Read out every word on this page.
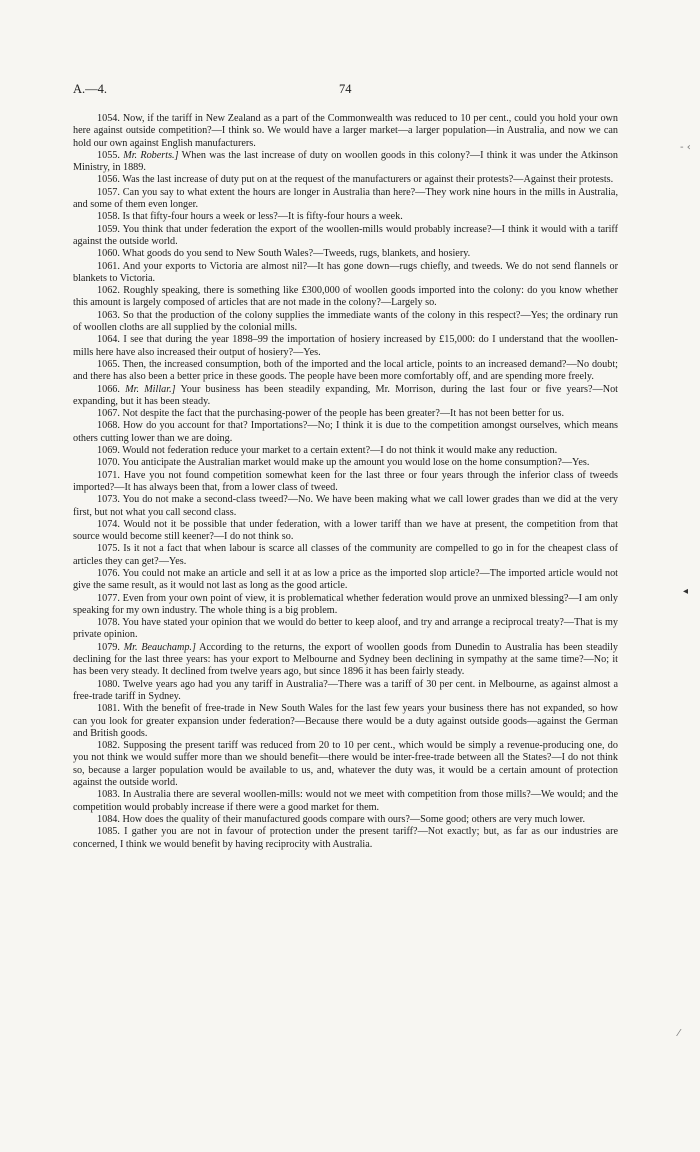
A.—4.	74

1054. Now, if the tariff in New Zealand as a part of the Commonwealth was reduced to 10 per cent., could you hold your own here against outside competition?—I think so. We would have a larger market—a larger population—in Australia, and now we can hold our own against English manufacturers.

1055. Mr. Roberts.] When was the last increase of duty on woollen goods in this colony?—I think it was under the Atkinson Ministry, in 1889.

1056. Was the last increase of duty put on at the request of the manufacturers or against their protests?—Against their protests.

1057. Can you say to what extent the hours are longer in Australia than here?—They work nine hours in the mills in Australia, and some of them even longer.

1058. Is that fifty-four hours a week or less?—It is fifty-four hours a week.

1059. You think that under federation the export of the woollen-mills would probably increase?—I think it would with a tariff against the outside world.

1060. What goods do you send to New South Wales?—Tweeds, rugs, blankets, and hosiery.

1061. And your exports to Victoria are almost nil?—It has gone down—rugs chiefly, and tweeds. We do not send flannels or blankets to Victoria.

1062. Roughly speaking, there is something like £300,000 of woollen goods imported into the colony: do you know whether this amount is largely composed of articles that are not made in the colony?—Largely so.

1063. So that the production of the colony supplies the immediate wants of the colony in this respect?—Yes; the ordinary run of woollen cloths are all supplied by the colonial mills.

1064. I see that during the year 1898–99 the importation of hosiery increased by £15,000: do I understand that the woollen-mills here have also increased their output of hosiery?—Yes.

1065. Then, the increased consumption, both of the imported and the local article, points to an increased demand?—No doubt; and there has also been a better price in these goods. The people have been more comfortably off, and are spending more freely.

1066. Mr. Millar.] Your business has been steadily expanding, Mr. Morrison, during the last four or five years?—Not expanding, but it has been steady.

1067. Not despite the fact that the purchasing-power of the people has been greater?—It has not been better for us.

1068. How do you account for that? Importations?—No; I think it is due to the competition amongst ourselves, which means others cutting lower than we are doing.

1069. Would not federation reduce your market to a certain extent?—I do not think it would make any reduction.

1070. You anticipate the Australian market would make up the amount you would lose on the home consumption?—Yes.

1071. Have you not found competition somewhat keen for the last three or four years through the inferior class of tweeds imported?—It has always been that, from a lower class of tweed.

1073. You do not make a second-class tweed?—No. We have been making what we call lower grades than we did at the very first, but not what you call second class.

1074. Would not it be possible that under federation, with a lower tariff than we have at present, the competition from that source would become still keener?—I do not think so.

1075. Is it not a fact that when labour is scarce all classes of the community are compelled to go in for the cheapest class of articles they can get?—Yes.

1076. You could not make an article and sell it at as low a price as the imported slop article?—The imported article would not give the same result, as it would not last as long as the good article.

1077. Even from your own point of view, it is problematical whether federation would prove an unmixed blessing?—I am only speaking for my own industry. The whole thing is a big problem.

1078. You have stated your opinion that we would do better to keep aloof, and try and arrange a reciprocal treaty?—That is my private opinion.

1079. Mr. Beauchamp.] According to the returns, the export of woollen goods from Dunedin to Australia has been steadily declining for the last three years: has your export to Melbourne and Sydney been declining in sympathy at the same time?—No; it has been very steady. It declined from twelve years ago, but since 1896 it has been fairly steady.

1080. Twelve years ago had you any tariff in Australia?—There was a tariff of 30 per cent. in Melbourne, as against almost a free-trade tariff in Sydney.

1081. With the benefit of free-trade in New South Wales for the last few years your business there has not expanded, so how can you look for greater expansion under federation?—Because there would be a duty against outside goods—against the German and British goods.

1082. Supposing the present tariff was reduced from 20 to 10 per cent., which would be simply a revenue-producing one, do you not think we would suffer more than we should benefit—there would be inter-free-trade between all the States?—I do not think so, because a larger population would be available to us, and, whatever the duty was, it would be a certain amount of protection against the outside world.

1083. In Australia there are several woollen-mills: would not we meet with competition from those mills?—We would; and the competition would probably increase if there were a good market for them.

1084. How does the quality of their manufactured goods compare with ours?—Some good; others are very much lower.

1085. I gather you are not in favour of protection under the present tariff?—Not exactly; but, as far as our industries are concerned, I think we would benefit by having reciprocity with Australia.

- ‹
◂
⁄
